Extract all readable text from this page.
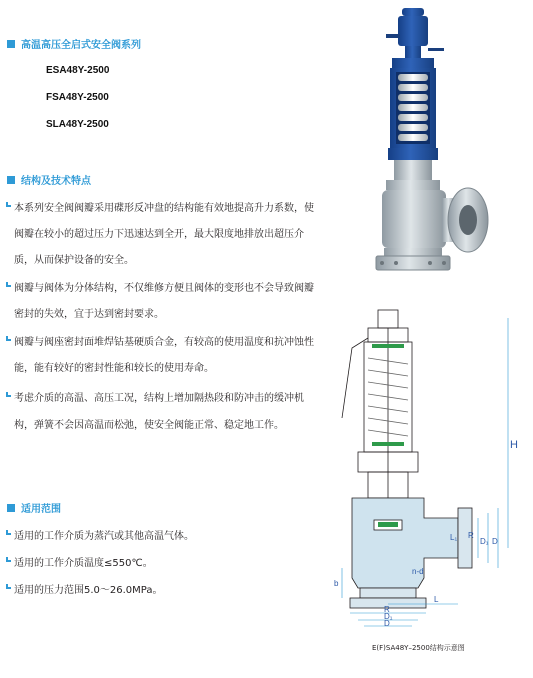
高温高压全启式安全阀系列
ESA48Y-2500
FSA48Y-2500
SLA48Y-2500
结构及技术特点
本系列安全阀阀瓣采用碟形反冲盘的结构能有效地提高升力系数，使
阀瓣在较小的超过压力下迅速达到全开，最大限度地排放出超压介
质，从而保护设备的安全。
阀瓣与阀体为分体结构，不仅维修方便且阀体的变形也不会导致阀瓣
密封的失效，宜于达到密封要求。
阀瓣与阀座密封面堆焊钴基硬质合金，有较高的使用温度和抗冲蚀性
能，能有较好的密封性能和较长的使用寿命。
考虑介质的高温、高压工况，结构上增加隔热段和防冲击的缓冲机
构，弹簧不会因高温而松弛，使安全阀能正常、稳定地工作。
适用范围
适用的工作介质为蒸汽或其他高温气体。
适用的工作介质温度≤550℃。
适用的压力范围5.0～26.0MPa。
H
R
D₁ D
L
L₁
b
n-d
R
D₁
D
E(F)SA48Y–2500结构示意图
